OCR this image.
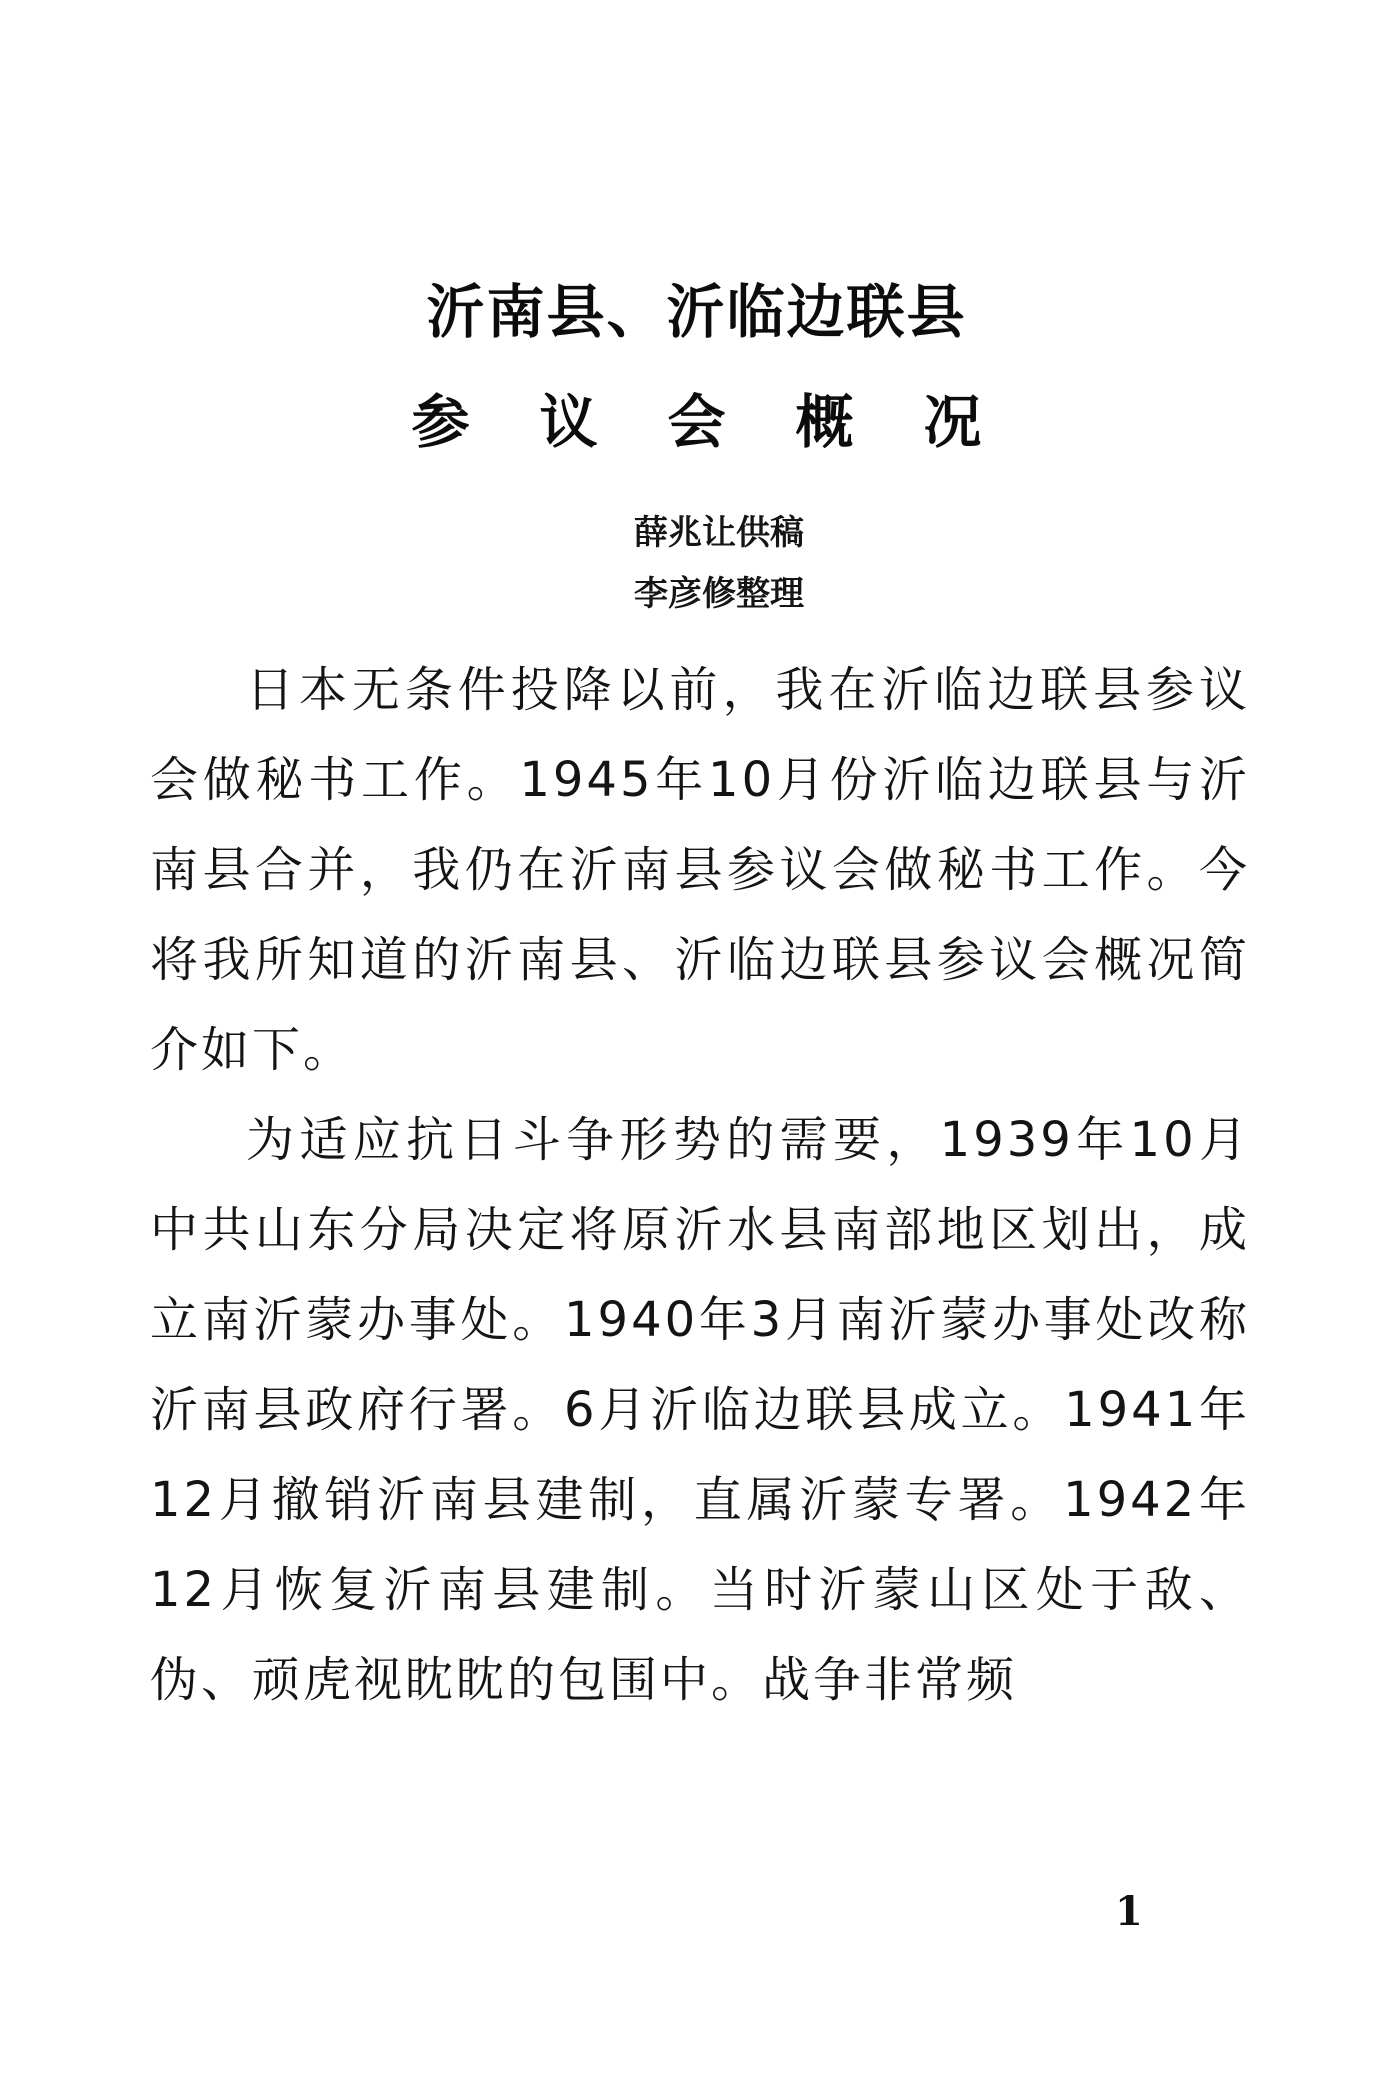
沂南县、沂临边联县
参议会概况
薛兆让供稿
李彦修整理

日本无条件投降以前，我在沂临边联县参议会做秘书工作。1945年10月份沂临边联县与沂南县合并，我仍在沂南县参议会做秘书工作。今将我所知道的沂南县、沂临边联县参议会概况简介如下。

为适应抗日斗争形势的需要，1939年10月中共山东分局决定将原沂水县南部地区划出，成立南沂蒙办事处。1940年3月南沂蒙办事处改称沂南县政府行署。6月沂临边联县成立。1941年12月撤销沂南县建制，直属沂蒙专署。1942年12月恢复沂南县建制。当时沂蒙山区处于敌、伪、顽虎视眈眈的包围中。战争非常频

1
